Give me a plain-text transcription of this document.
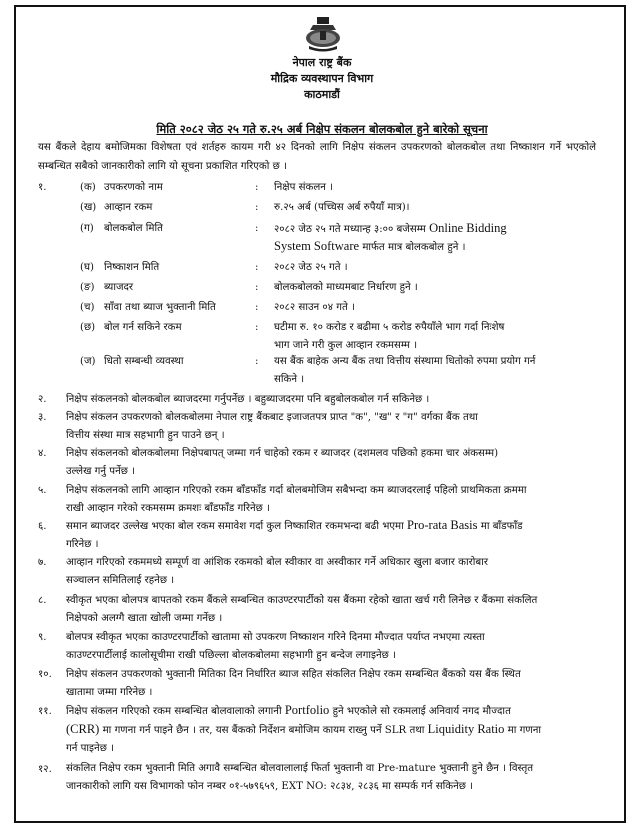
नेपाल राष्ट्र बैंक
मौद्रिक व्यवस्थापन विभाग
काठमाडौं
मिति २०८२ जेठ २५ गते रु.२५ अर्ब निक्षेप संकलन बोलकबोल हुने बारेको सूचना
यस बैंकले देहाय बमोजिमका विशेषता एवं शर्तहरु कायम गरी ४२ दिनको लागि निक्षेप संकलन उपकरणको बोलकबोल तथा निष्काशन गर्ने भएकोले सम्बन्धित सबैको जानकारीको लागि यो सूचना प्रकाशित गरिएको छ ।
१.	(क) उपकरणको नाम	: निक्षेप संकलन ।
(ख) आव्हान रकम	: रु.२५ अर्ब (पच्चिस अर्ब रुपैयाँ मात्र)।
(ग) बोलकबोल मिति	: २०८२ जेठ २५ गते मध्यान्ह ३:०० बजेसम्म Online Bidding
System Software मार्फत मात्र बोलकबोल हुने ।
(घ) निष्काशन मिति	: २०८२ जेठ २५ गते ।
(ङ) ब्याजदर	: बोलकबोलको माध्यमबाट निर्धारण हुने ।
(च) साँवा तथा ब्याज भुक्तानी मिति	: २०८२ साउन ०४ गते ।
(छ) बोल गर्न सकिने रकम	: घटीमा रु. १० करोड र बढीमा ५ करोड रुपैयाँले भाग गर्दा निःशेष
भाग जाने गरी कुल आव्हान रकमसम्म ।
(ज) धितो सम्बन्धी व्यवस्था	: यस बैंक बाहेक अन्य बैंक तथा वित्तीय संस्थामा धितोको रुपमा प्रयोग गर्न
सकिने ।
२. निक्षेप संकलनको बोलकबोल ब्याजदरमा गर्नुपर्नेछ । बहुब्याजदरमा पनि बहुबोलकबोल गर्न सकिनेछ ।
३. निक्षेप संकलन उपकरणको बोलकबोलमा नेपाल राष्ट्र बैंकबाट इजाजतपत्र प्राप्त "क", "ख" र "ग" वर्गका बैंक तथा
वित्तीय संस्था मात्र सहभागी हुन पाउने छन् ।
४. निक्षेप संकलनको बोलकबोलमा निक्षेपबापत् जम्मा गर्न चाहेको रकम र ब्याजदर (दशमलव पछिको हकमा चार अंकसम्म)
उल्लेख गर्नु पर्नेछ ।
५. निक्षेप संकलनको लागि आव्हान गरिएको रकम बाँडफाँड गर्दा बोलबमोजिम सबैभन्दा कम ब्याजदरलाई पहिलो प्राथमिकता क्रममा
राखी आव्हान गरेको रकमसम्म क्रमशः बाँडफाँड गरिनेछ ।
६. समान ब्याजदर उल्लेख भएका बोल रकम समावेश गर्दा कुल निष्काशित रकमभन्दा बढी भएमा Pro-rata Basis मा बाँडफाँड
गरिनेछ ।
७. आव्हान गरिएको रकममध्ये सम्पूर्ण वा आंशिक रकमको बोल स्वीकार वा अस्वीकार गर्ने अधिकार खुला बजार कारोबार
सञ्चालन समितिलाई रहनेछ ।
८. स्वीकृत भएका बोलपत्र बापतको रकम बैंकले सम्बन्धित काउण्टरपार्टीको यस बैंकमा रहेको खाता खर्च गरी लिनेछ र बैंकमा संकलित
निक्षेपको अलग्गै खाता खोली जम्मा गर्नेछ ।
९. बोलपत्र स्वीकृत भएका काउण्टरपार्टीको खातामा सो उपकरण निष्काशन गरिने दिनमा मौज्दात पर्याप्त नभएमा त्यस्ता
काउण्टरपार्टीलाई कालोसूचीमा राखी पछिल्ला बोलकबोलमा सहभागी हुन बन्देज लगाइनेछ ।
१०. निक्षेप संकलन उपकरणको भुक्तानी मितिका दिन निर्धारित ब्याज सहित संकलित निक्षेप रकम सम्बन्धित बैंकको यस बैंक स्थित
खातामा जम्मा गरिनेछ ।
११. निक्षेप संकलन गरिएको रकम सम्बन्धित बोलवालाको लगानी Portfolio हुने भएकोले सो रकमलाई अनिवार्य नगद मौज्दात
(CRR) मा गणना गर्न पाइने छैन । तर, यस बैंकको निर्देशन बमोजिम कायम राख्नु पर्ने SLR तथा Liquidity Ratio मा गणना
गर्न पाइनेछ ।
१२. संकलित निक्षेप रकम भुक्तानी मिति अगावै सम्बन्धित बोलवालालाई फिर्ता भुक्तानी वा Pre-mature भुक्तानी हुने छैन । विस्तृत
जानकारीको लागि यस विभागको फोन नम्बर ०१-५७९६५९, EXT NO: २८३४, २८३६ मा सम्पर्क गर्न सकिनेछ ।
